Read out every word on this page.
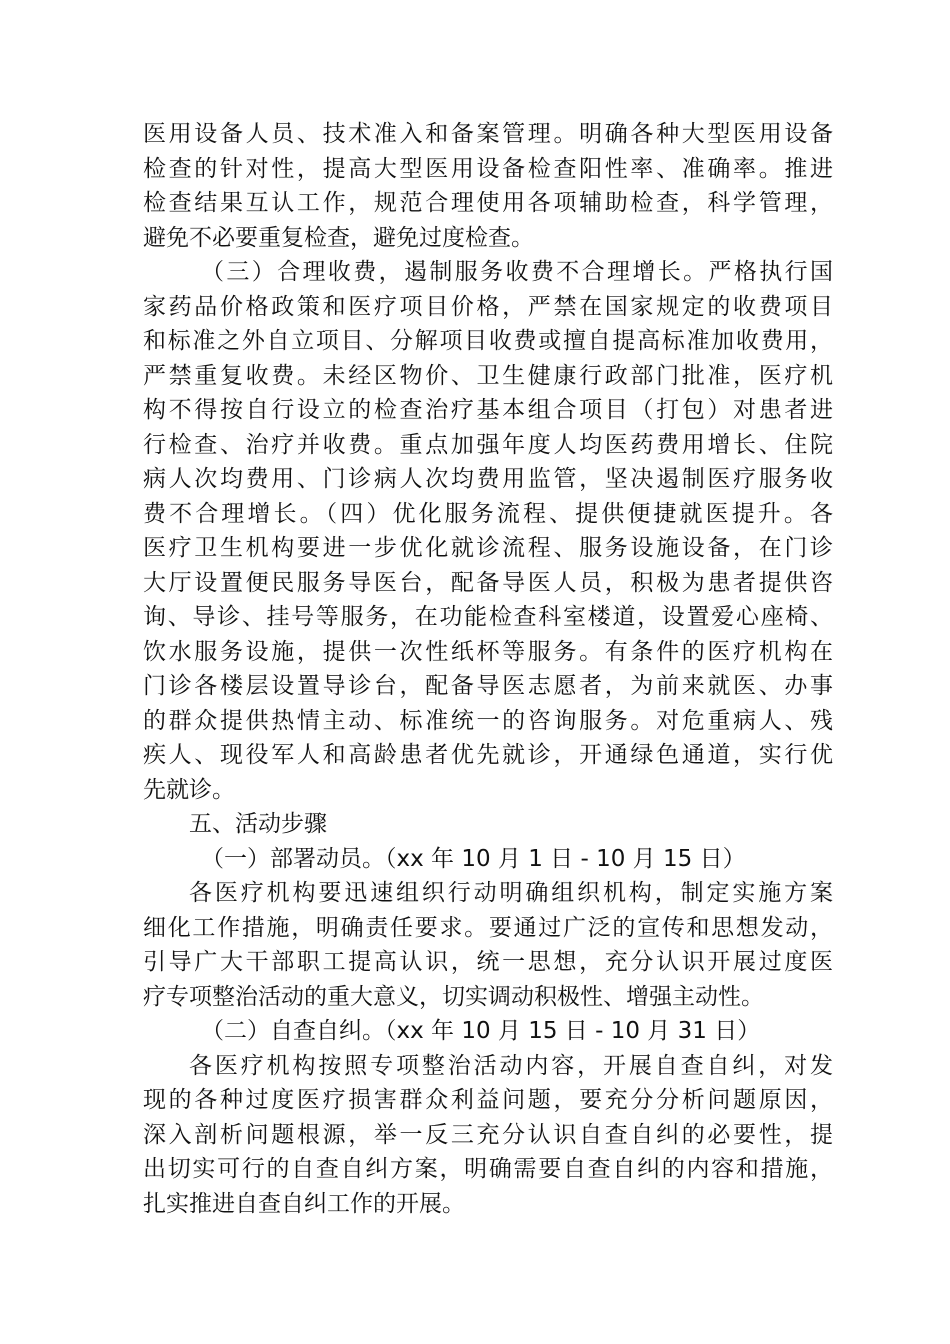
医用设备人员、技术准入和备案管理。明确各种大型医用设备
检查的针对性，提高大型医用设备检查阳性率、准确率。推进
检查结果互认工作，规范合理使用各项辅助检查，科学管理，
避免不必要重复检查，避免过度检查。
（三）合理收费，遏制服务收费不合理增长。严格执行国
家药品价格政策和医疗项目价格，严禁在国家规定的收费项目
和标准之外自立项目、分解项目收费或擅自提高标准加收费用，
严禁重复收费。未经区物价、卫生健康行政部门批准，医疗机
构不得按自行设立的检查治疗基本组合项目（打包）对患者进
行检查、治疗并收费。重点加强年度人均医药费用增长、住院
病人次均费用、门诊病人次均费用监管，坚决遏制医疗服务收
费不合理增长。（四）优化服务流程、提供便捷就医提升。各
医疗卫生机构要进一步优化就诊流程、服务设施设备，在门诊
大厅设置便民服务导医台，配备导医人员，积极为患者提供咨
询、导诊、挂号等服务，在功能检查科室楼道，设置爱心座椅、
饮水服务设施，提供一次性纸杯等服务。有条件的医疗机构在
门诊各楼层设置导诊台，配备导医志愿者，为前来就医、办事
的群众提供热情主动、标准统一的咨询服务。对危重病人、残
疾人、现役军人和高龄患者优先就诊，开通绿色通道，实行优
先就诊。
五、活动步骤
（一）部署动员。（xx 年 10 月 1 日 - 10 月 15 日）
各医疗机构要迅速组织行动明确组织机构，制定实施方案
细化工作措施，明确责任要求。要通过广泛的宣传和思想发动，
引导广大干部职工提高认识，统一思想，充分认识开展过度医
疗专项整治活动的重大意义，切实调动积极性、增强主动性。
（二）自查自纠。（xx 年 10 月 15 日 - 10 月 31 日）
各医疗机构按照专项整治活动内容，开展自查自纠，对发
现的各种过度医疗损害群众利益问题，要充分分析问题原因，
深入剖析问题根源，举一反三充分认识自查自纠的必要性，提
出切实可行的自查自纠方案，明确需要自查自纠的内容和措施，
扎实推进自查自纠工作的开展。
